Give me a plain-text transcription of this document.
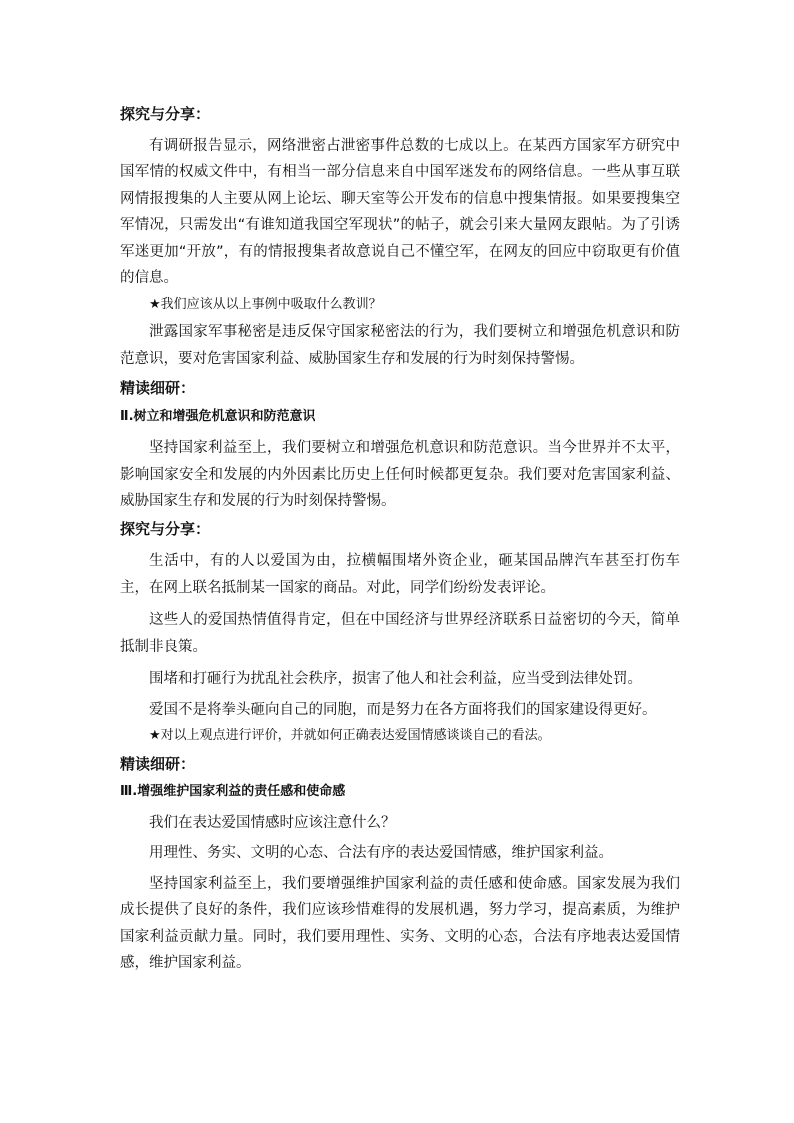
探究与分享：

有调研报告显示，网络泄密占泄密事件总数的七成以上。在某西方国家军方研究中国军情的权威文件中，有相当一部分信息来自中国军迷发布的网络信息。一些从事互联网情报搜集的人主要从网上论坛、聊天室等公开发布的信息中搜集情报。如果要搜集空军情况，只需发出“有谁知道我国空军现状”的帖子，就会引来大量网友跟帖。为了引诱军迷更加“开放”，有的情报搜集者故意说自己不懂空军，在网友的回应中窃取更有价值的信息。

★我们应该从以上事例中吸取什么教训？

泄露国家军事秘密是违反保守国家秘密法的行为，我们要树立和增强危机意识和防范意识，要对危害国家利益、威胁国家生存和发展的行为时刻保持警惕。

精读细研：

Ⅱ.树立和增强危机意识和防范意识

坚持国家利益至上，我们要树立和增强危机意识和防范意识。当今世界并不太平，影响国家安全和发展的内外因素比历史上任何时候都更复杂。我们要对危害国家利益、威胁国家生存和发展的行为时刻保持警惕。

探究与分享：

生活中，有的人以爱国为由，拉横幅围堵外资企业，砸某国品牌汽车甚至打伤车主，在网上联名抵制某一国家的商品。对此，同学们纷纷发表评论。

这些人的爱国热情值得肯定，但在中国经济与世界经济联系日益密切的今天，简单抵制非良策。

围堵和打砸行为扰乱社会秩序，损害了他人和社会利益，应当受到法律处罚。

爱国不是将拳头砸向自己的同胞，而是努力在各方面将我们的国家建设得更好。

★对以上观点进行评价，并就如何正确表达爱国情感谈谈自己的看法。

精读细研：

Ⅲ.增强维护国家利益的责任感和使命感

我们在表达爱国情感时应该注意什么？

用理性、务实、文明的心态、合法有序的表达爱国情感，维护国家利益。

坚持国家利益至上，我们要增强维护国家利益的责任感和使命感。国家发展为我们成长提供了良好的条件，我们应该珍惜难得的发展机遇，努力学习，提高素质，为维护国家利益贡献力量。同时，我们要用理性、实务、文明的心态，合法有序地表达爱国情感，维护国家利益。
